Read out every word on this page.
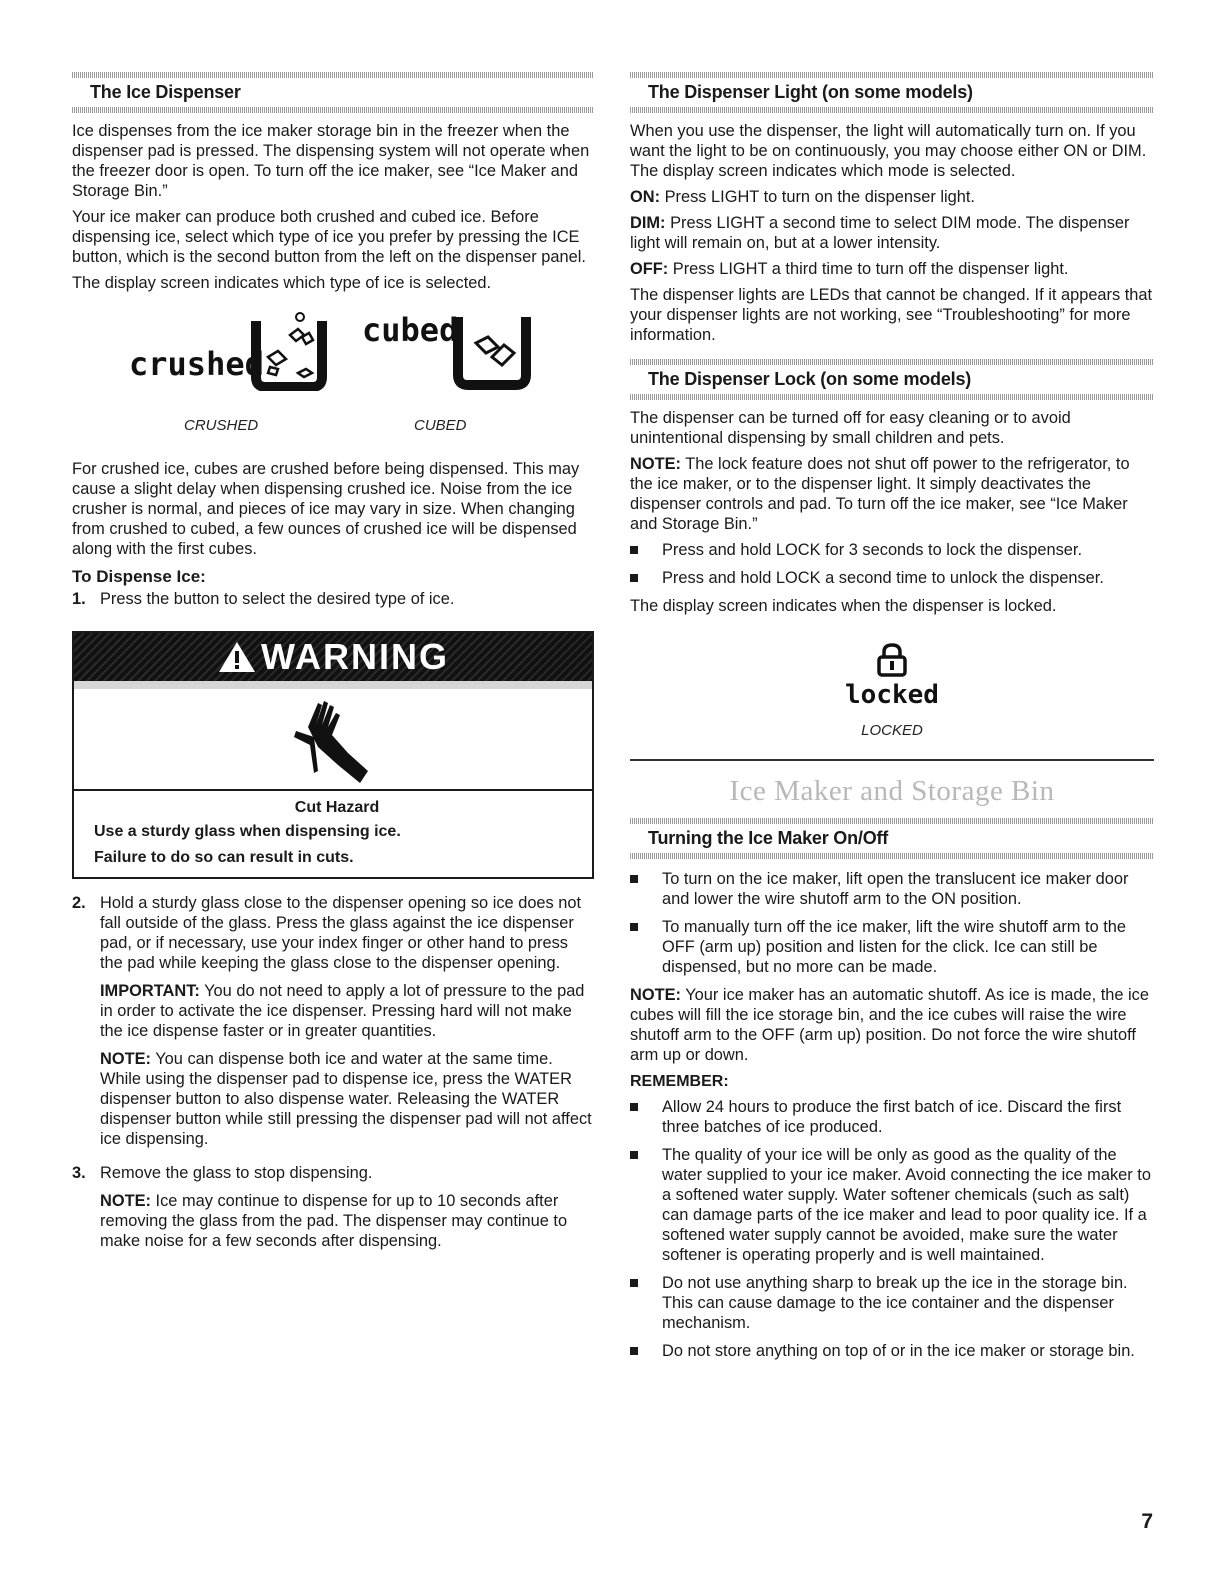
The Ice Dispenser

Ice dispenses from the ice maker storage bin in the freezer when the dispenser pad is pressed. The dispensing system will not operate when the freezer door is open. To turn off the ice maker, see “Ice Maker and Storage Bin.”

Your ice maker can produce both crushed and cubed ice. Before dispensing ice, select which type of ice you prefer by pressing the ICE button, which is the second button from the left on the dispenser panel.

The display screen indicates which type of ice is selected.

crushed
cubed
CRUSHED	CUBED

For crushed ice, cubes are crushed before being dispensed. This may cause a slight delay when dispensing crushed ice. Noise from the ice crusher is normal, and pieces of ice may vary in size. When changing from crushed to cubed, a few ounces of crushed ice will be dispensed along with the first cubes.

To Dispense Ice:
1. Press the button to select the desired type of ice.
WARNING
Cut Hazard
Use a sturdy glass when dispensing ice.
Failure to do so can result in cuts.
2. Hold a sturdy glass close to the dispenser opening so ice does not fall outside of the glass. Press the glass against the ice dispenser pad, or if necessary, use your index finger or other hand to press the pad while keeping the glass close to the dispenser opening.

IMPORTANT: You do not need to apply a lot of pressure to the pad in order to activate the ice dispenser. Pressing hard will not make the ice dispense faster or in greater quantities.

NOTE: You can dispense both ice and water at the same time. While using the dispenser pad to dispense ice, press the WATER dispenser button to also dispense water. Releasing the WATER dispenser button while still pressing the dispenser pad will not affect ice dispensing.

3. Remove the glass to stop dispensing.

NOTE: Ice may continue to dispense for up to 10 seconds after removing the glass from the pad. The dispenser may continue to make noise for a few seconds after dispensing.

The Dispenser Light (on some models)

When you use the dispenser, the light will automatically turn on. If you want the light to be on continuously, you may choose either ON or DIM. The display screen indicates which mode is selected.

ON: Press LIGHT to turn on the dispenser light.

DIM: Press LIGHT a second time to select DIM mode. The dispenser light will remain on, but at a lower intensity.

OFF: Press LIGHT a third time to turn off the dispenser light.

The dispenser lights are LEDs that cannot be changed. If it appears that your dispenser lights are not working, see “Troubleshooting” for more information.

The Dispenser Lock (on some models)

The dispenser can be turned off for easy cleaning or to avoid unintentional dispensing by small children and pets.

NOTE: The lock feature does not shut off power to the refrigerator, to the ice maker, or to the dispenser light. It simply deactivates the dispenser controls and pad. To turn off the ice maker, see “Ice Maker and Storage Bin.”

Press and hold LOCK for 3 seconds to lock the dispenser.
Press and hold LOCK a second time to unlock the dispenser.

The display screen indicates when the dispenser is locked.

locked
LOCKED
Ice Maker and Storage Bin
Turning the Ice Maker On/Off
To turn on the ice maker, lift open the translucent ice maker door and lower the wire shutoff arm to the ON position.
To manually turn off the ice maker, lift the wire shutoff arm to the OFF (arm up) position and listen for the click. Ice can still be dispensed, but no more can be made.

NOTE: Your ice maker has an automatic shutoff. As ice is made, the ice cubes will fill the ice storage bin, and the ice cubes will raise the wire shutoff arm to the OFF (arm up) position. Do not force the wire shutoff arm up or down.

REMEMBER:
Allow 24 hours to produce the first batch of ice. Discard the first three batches of ice produced.
The quality of your ice will be only as good as the quality of the water supplied to your ice maker. Avoid connecting the ice maker to a softened water supply. Water softener chemicals (such as salt) can damage parts of the ice maker and lead to poor quality ice. If a softened water supply cannot be avoided, make sure the water softener is operating properly and is well maintained.
Do not use anything sharp to break up the ice in the storage bin. This can cause damage to the ice container and the dispenser mechanism.
Do not store anything on top of or in the ice maker or storage bin.
7
